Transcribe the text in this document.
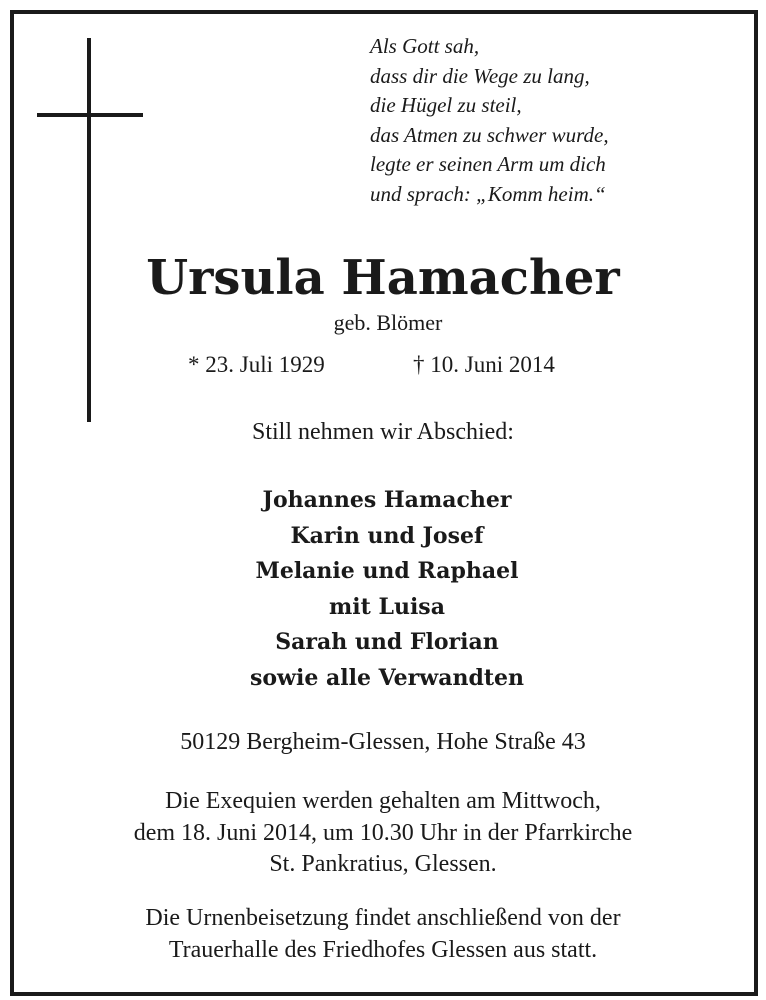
Als Gott sah,
dass dir die Wege zu lang,
die Hügel zu steil,
das Atmen zu schwer wurde,
legte er seinen Arm um dich
und sprach: „Komm heim.“
Ursula Hamacher
geb. Blömer
* 23. Juli 1929	† 10. Juni 2014
Still nehmen wir Abschied:
Johannes Hamacher
Karin und Josef
Melanie und Raphael
mit Luisa
Sarah und Florian
sowie alle Verwandten
50129 Bergheim-Glessen, Hohe Straße 43
Die Exequien werden gehalten am Mittwoch,
dem 18. Juni 2014, um 10.30 Uhr in der Pfarrkirche
St. Pankratius, Glessen.
Die Urnenbeisetzung findet anschließend von der
Trauerhalle des Friedhofes Glessen aus statt.
